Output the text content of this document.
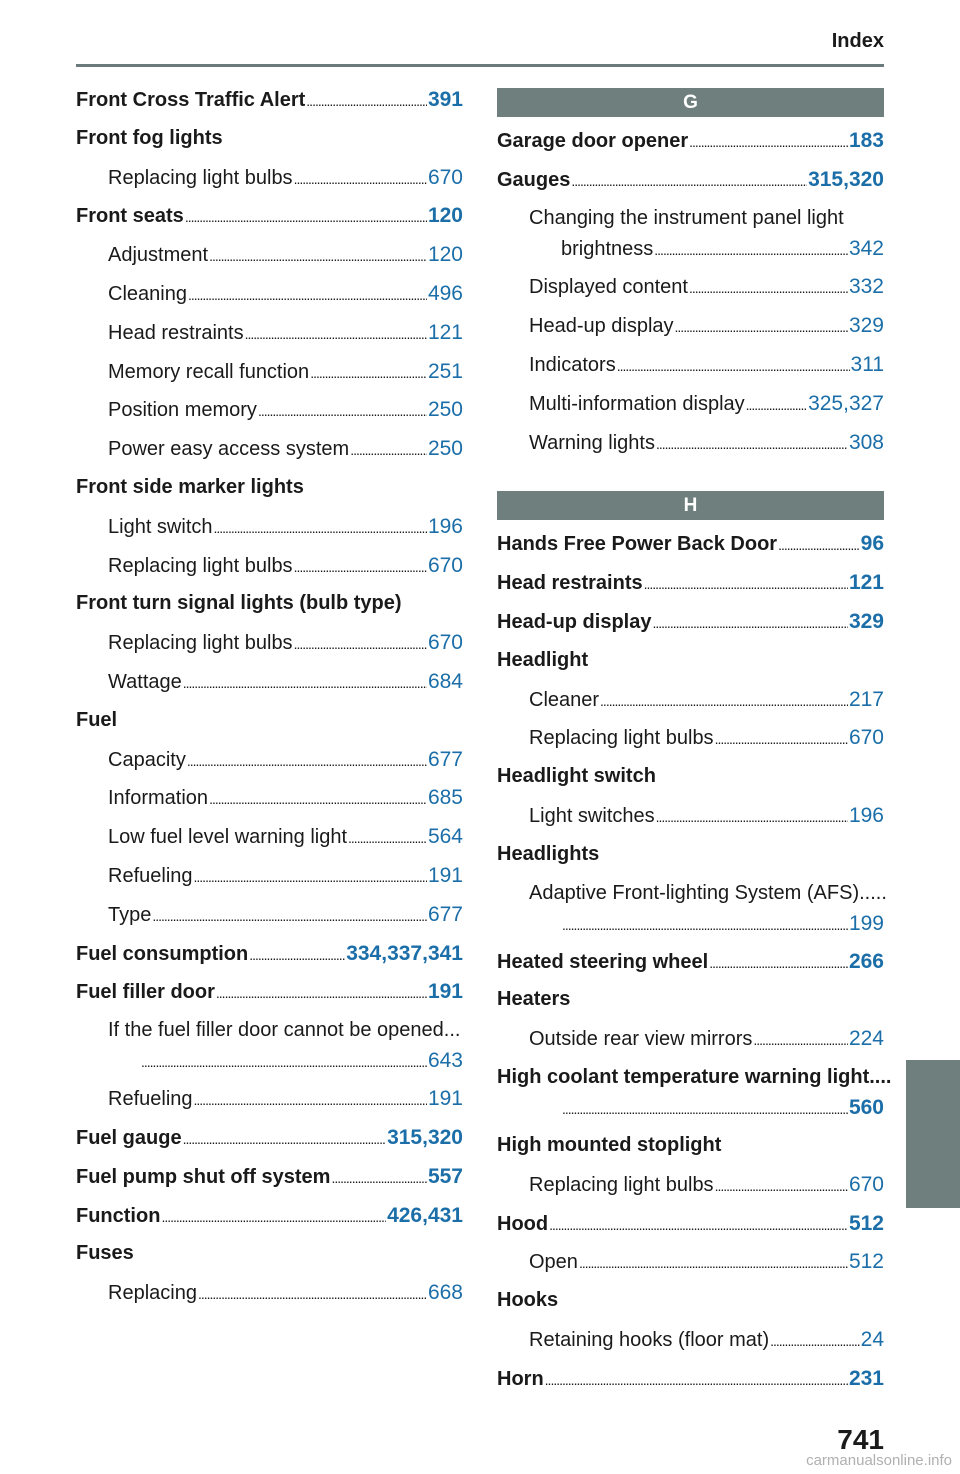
Index
Front Cross Traffic Alert .....	391
Front fog lights
Replacing light bulbs .....	670
Front seats .....	120
Adjustment .....	120
Cleaning .....	496
Head restraints .....	121
Memory recall function .....	251
Position memory .....	250
Power easy access system .....	250
Front side marker lights
Light switch .....	196
Replacing light bulbs .....	670
Front turn signal lights (bulb type)
Replacing light bulbs .....	670
Wattage .....	684
Fuel
Capacity .....	677
Information .....	685
Low fuel level warning light .....	564
Refueling .....	191
Type .....	677
Fuel consumption .....	334,337,341
Fuel filler door .....	191
If the fuel filler door cannot be opened...
.....
643
Refueling .....	191
Fuel gauge .....	315,320
Fuel pump shut off system .....	557
Function .....	426,431
Fuses
Replacing .....	668
G
Garage door opener .....	183
Gauges .....	315,320
Changing the instrument panel light
brightness .....	342
Displayed content .....	332
Head-up display .....	329
Indicators .....	311
Multi-information display .....	325,327
Warning lights .....	308
H
Hands Free Power Back Door .....	96
Head restraints .....	121
Head-up display .....	329
Headlight
Cleaner .....	217
Replacing light bulbs .....	670
Headlight switch
Light switches .....	196
Headlights
Adaptive Front-lighting System (AFS).....
.....
199
Heated steering wheel .....	266
Heaters
Outside rear view mirrors .....	224
High coolant temperature warning light....
.....
560
High mounted stoplight
Replacing light bulbs .....	670
Hood .....	512
Open .....	512
Hooks
Retaining hooks (floor mat) .....	24
Horn .....	231
741
carmanualsonline.info
